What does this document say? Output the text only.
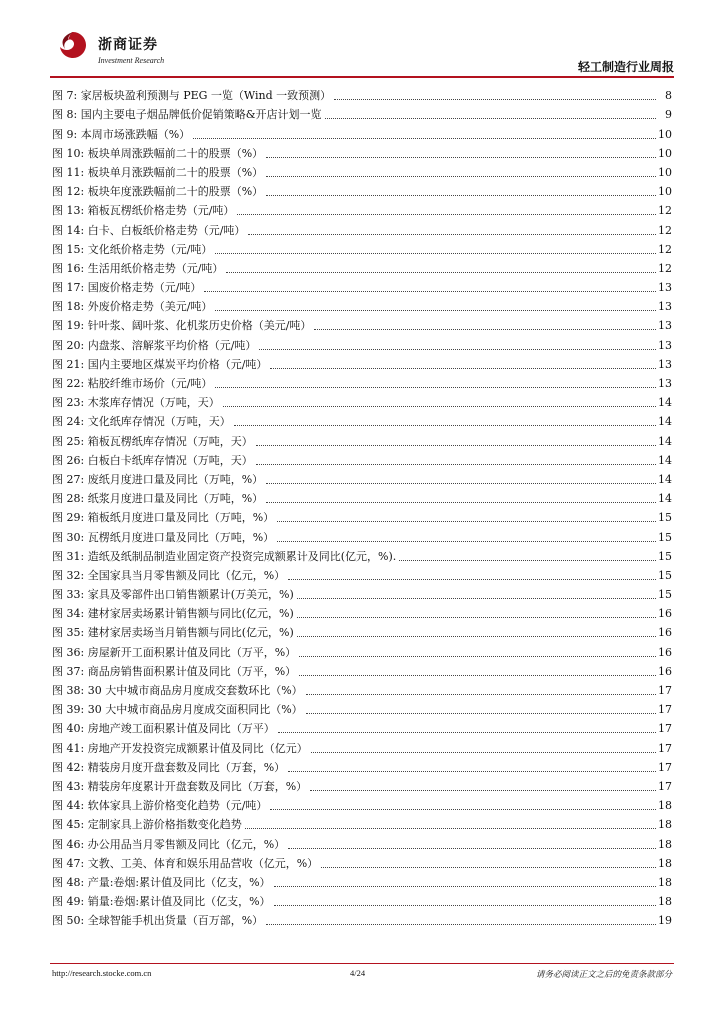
浙商证券
Investment Research	轻工制造行业周报
图 7: 家居板块盈利预测与 PEG 一览（Wind 一致预测）	8
图 8: 国内主要电子烟品牌低价促销策略&开店计划一览	9
图 9: 本周市场涨跌幅（%）	10
图 10: 板块单周涨跌幅前二十的股票（%）	10
图 11: 板块单月涨跌幅前二十的股票（%）	10
图 12: 板块年度涨跌幅前二十的股票（%）	10
图 13: 箱板瓦楞纸价格走势（元/吨）	12
图 14: 白卡、白板纸价格走势（元/吨）	12
图 15: 文化纸价格走势（元/吨）	12
图 16: 生活用纸价格走势（元/吨）	12
图 17: 国废价格走势（元/吨）	13
图 18: 外废价格走势（美元/吨）	13
图 19: 针叶浆、阔叶浆、化机浆历史价格（美元/吨）	13
图 20: 内盘浆、溶解浆平均价格（元/吨）	13
图 21: 国内主要地区煤炭平均价格（元/吨）	13
图 22: 粘胶纤维市场价（元/吨）	13
图 23: 木浆库存情况（万吨，天）	14
图 24: 文化纸库存情况（万吨，天）	14
图 25: 箱板瓦楞纸库存情况（万吨，天）	14
图 26: 白板白卡纸库存情况（万吨，天）	14
图 27: 废纸月度进口量及同比（万吨，%）	14
图 28: 纸浆月度进口量及同比（万吨，%）	14
图 29: 箱板纸月度进口量及同比（万吨，%）	15
图 30: 瓦楞纸月度进口量及同比（万吨，%）	15
图 31: 造纸及纸制品制造业固定资产投资完成额累计及同比(亿元，%).	15
图 32: 全国家具当月零售额及同比（亿元，%）	15
图 33: 家具及零部件出口销售额累计(万美元，%)	15
图 34: 建材家居卖场累计销售额与同比(亿元，%)	16
图 35: 建材家居卖场当月销售额与同比(亿元，%)	16
图 36: 房屋新开工面积累计值及同比（万平，%）	16
图 37: 商品房销售面积累计值及同比（万平，%）	16
图 38: 30 大中城市商品房月度成交套数环比（%）	17
图 39: 30 大中城市商品房月度成交面积同比（%）	17
图 40: 房地产竣工面积累计值及同比（万平）	17
图 41: 房地产开发投资完成额累计值及同比（亿元）	17
图 42: 精装房月度开盘套数及同比（万套，%）	17
图 43: 精装房年度累计开盘套数及同比（万套，%）	17
图 44: 软体家具上游价格变化趋势（元/吨）	18
图 45: 定制家具上游价格指数变化趋势	18
图 46: 办公用品当月零售额及同比（亿元，%）	18
图 47: 文教、工美、体育和娱乐用品营收（亿元，%）	18
图 48: 产量:卷烟:累计值及同比（亿支，%）	18
图 49: 销量:卷烟:累计值及同比（亿支，%）	18
图 50: 全球智能手机出货量（百万部，%）	19
http://research.stocke.com.cn	4/24	请务必阅读正文之后的免责条款部分
